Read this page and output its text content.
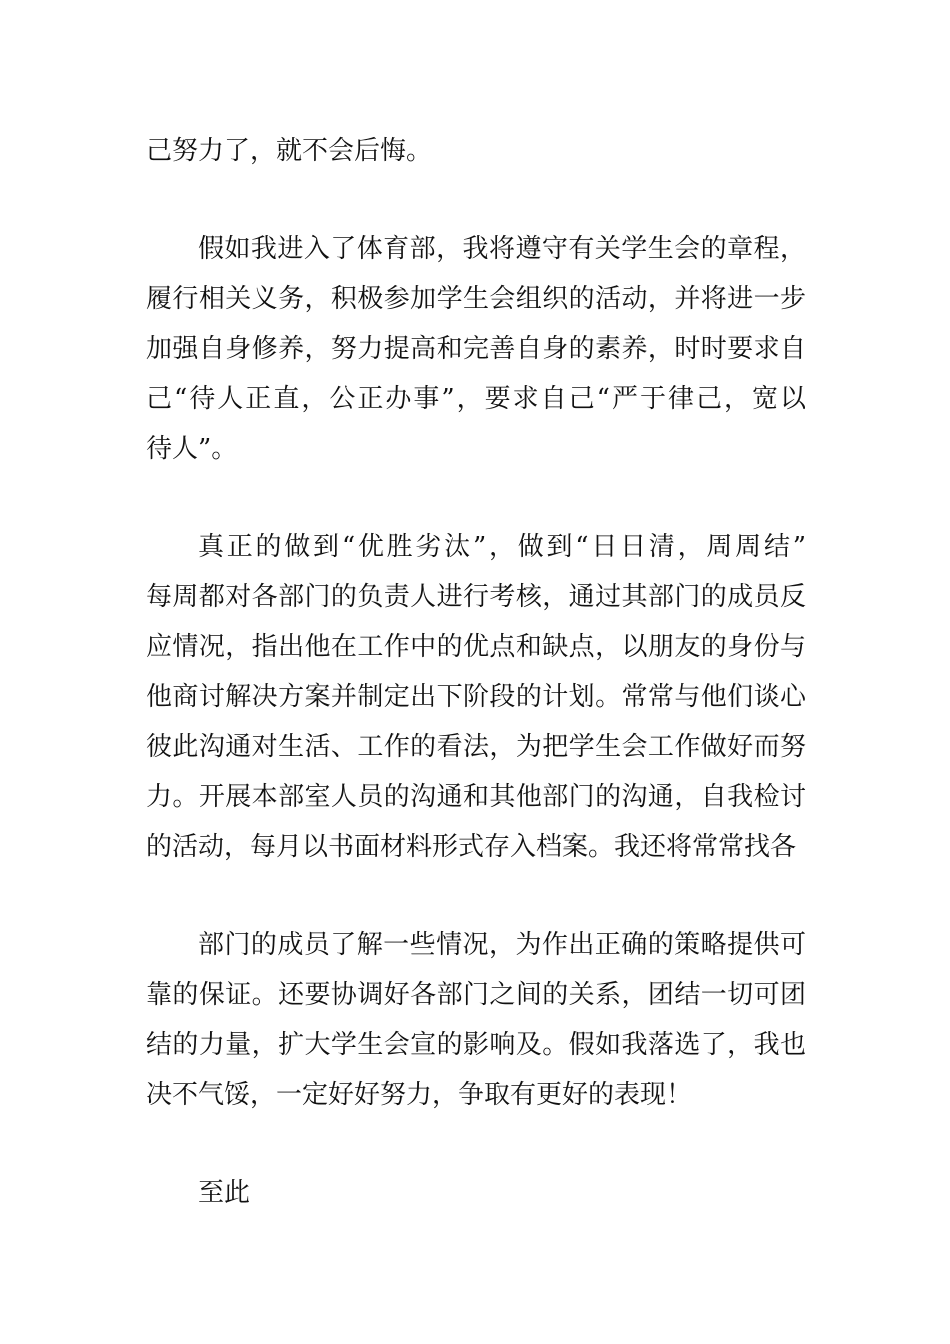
己努力了，就不会后悔。
假如我进入了体育部，我将遵守有关学生会的章程，
履行相关义务，积极参加学生会组织的活动，并将进一步
加强自身修养，努力提高和完善自身的素养，时时要求自
己“待人正直，公正办事”，要求自己“严于律己，宽以
待人”。
真正的做到“优胜劣汰”，做到“日日清，周周结”
每周都对各部门的负责人进行考核，通过其部门的成员反
应情况，指出他在工作中的优点和缺点，以朋友的身份与
他商讨解决方案并制定出下阶段的计划。常常与他们谈心
彼此沟通对生活、工作的看法，为把学生会工作做好而努
力。开展本部室人员的沟通和其他部门的沟通，自我检讨
的活动，每月以书面材料形式存入档案。我还将常常找各
部门的成员了解一些情况，为作出正确的策略提供可
靠的保证。还要协调好各部门之间的关系，团结一切可团
结的力量，扩大学生会宣的影响及。假如我落选了，我也
决不气馁，一定好好努力，争取有更好的表现！
至此
